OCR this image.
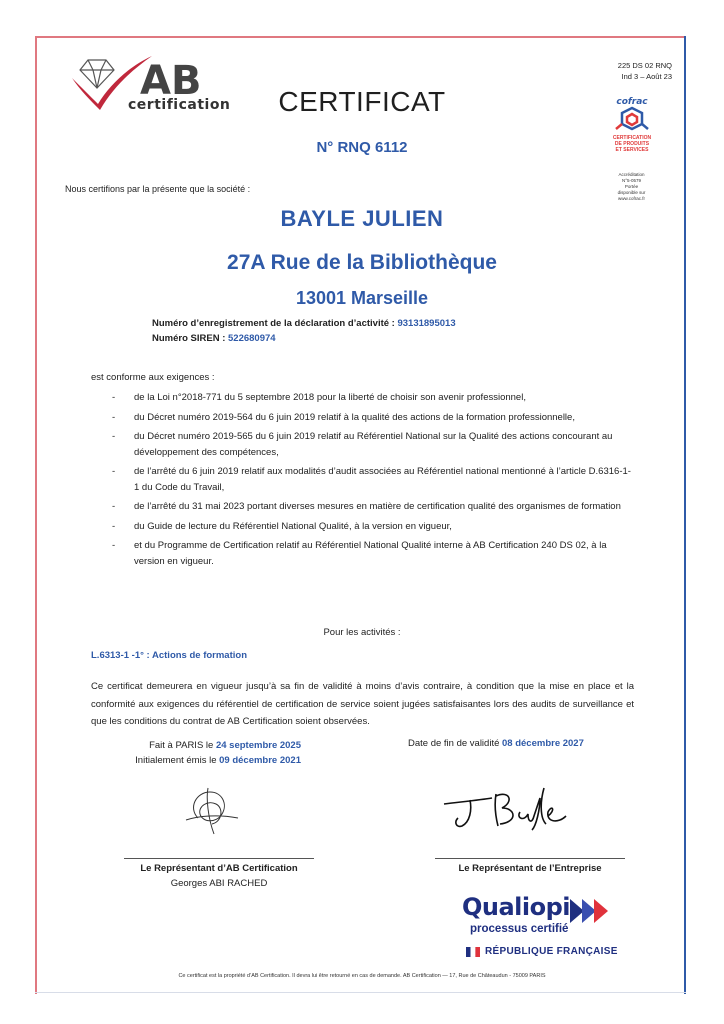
AB
certification
225 DS 02 RNQ
Ind 3 – Août 23
cofrac
CERTIFICATION
DE PRODUITS
ET SERVICES
Accréditation
N°5-0579
Portée
disponible sur
www.cofrac.fr
CERTIFICAT
N° RNQ 6112
Nous certifions par la présente que la société :
BAYLE JULIEN
27A Rue de la Bibliothèque
13001 Marseille
Numéro d’enregistrement de la déclaration d’activité : 93131895013
Numéro SIREN : 522680974
est conforme aux exigences :
- de la Loi n°2018-771 du 5 septembre 2018 pour la liberté de choisir son avenir professionnel,
- du Décret numéro 2019-564 du 6 juin 2019 relatif à la qualité des actions de la formation professionnelle,
- du Décret numéro 2019-565 du 6 juin 2019 relatif au Référentiel National sur la Qualité des actions concourant au développement des compétences,
- de l’arrêté du 6 juin 2019 relatif aux modalités d’audit associées au Référentiel national mentionné à l’article D.6316-1-1 du Code du Travail,
- de l’arrêté du 31 mai 2023 portant diverses mesures en matière de certification qualité des organismes de formation
- du Guide de lecture du Référentiel National Qualité, à la version en vigueur,
- et du Programme de Certification relatif au Référentiel National Qualité interne à AB Certification 240 DS 02, à la version en vigueur.
Pour les activités :
L.6313-1 -1° : Actions de formation
Ce certificat demeurera en vigueur jusqu’à sa fin de validité à moins d’avis contraire, à condition que la mise en place et la conformité aux exigences du référentiel de certification de service soient jugées satisfaisantes lors des audits de surveillance et que les conditions du contrat de AB Certification soient observées.
Fait à PARIS le 24 septembre 2025
Initialement émis le 09 décembre 2021
Date de fin de validité 08 décembre 2027
Le Représentant d’AB Certification
Georges ABI RACHED
Le Représentant de l’Entreprise
Qualiopi
processus certifié
RÉPUBLIQUE FRANÇAISE
Ce certificat est la propriété d’AB Certification. Il devra lui être retourné en cas de demande. AB Certification — 17, Rue de Châteaudun - 75009 PARIS
